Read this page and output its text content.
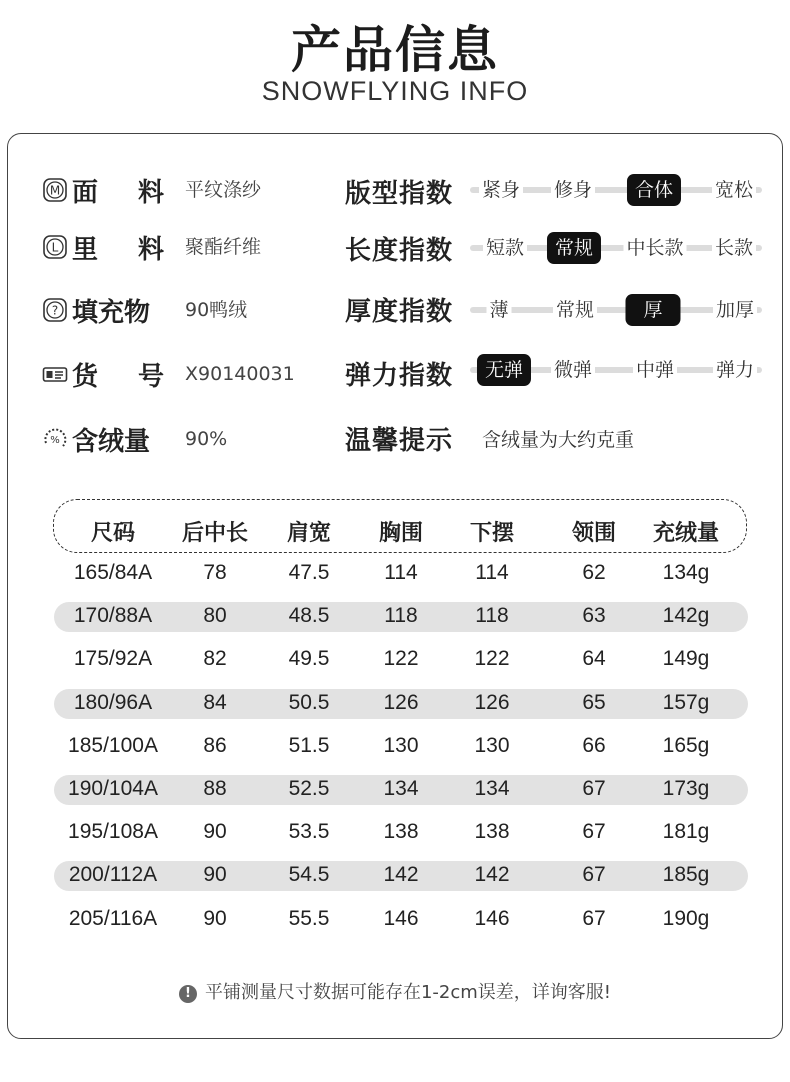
产品信息
SNOWFLYING INFO
M 面 料 平纹涤纱
L 里 料 聚酯纤维
? 填充物 90鸭绒
货 号 X90140031
% 含绒量 90%
版型指数 紧身 修身	合体	宽松
长度指数 短款	常规	中长款 长款
厚度指数 薄 常规	厚	加厚
弹力指数	无弹	微弹 中弹 弹力
温馨提示 含绒量为大约克重
尺码 后中长 肩宽 胸围 下摆	领围 充绒量
165/84A 78	47.5	114	114	62	134g
170/88A 80	48.5	118	118	63	142g
175/92A 82	49.5	122	122	64	149g
180/96A 84	50.5	126	126	65	157g
185/100A 86	51.5	130	130	66	165g
190/104A 88	52.5	134	134	67	173g
195/108A 90	53.5	138	138	67	181g
200/112A 90	54.5	142	142	67	185g
205/116A 90	55.5	146	146	67	190g
! 平铺测量尺寸数据可能存在1-2cm误差，详询客服!
